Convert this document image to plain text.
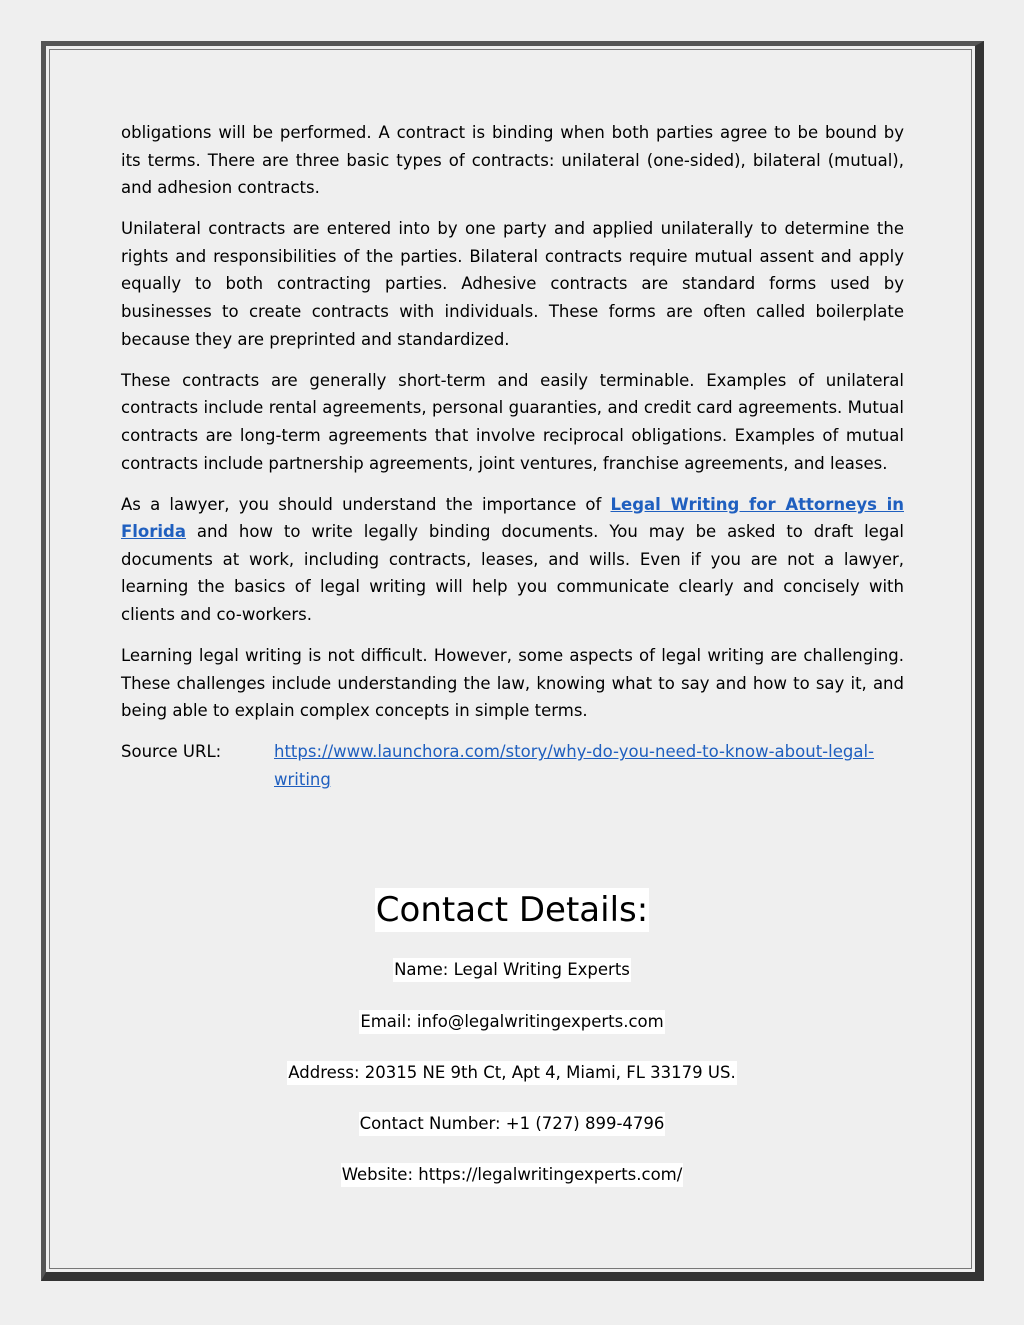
obligations will be performed. A contract is binding when both parties agree to be bound by its terms. There are three basic types of contracts: unilateral (one-sided), bilateral (mutual), and adhesion contracts.

Unilateral contracts are entered into by one party and applied unilaterally to determine the rights and responsibilities of the parties. Bilateral contracts require mutual assent and apply equally to both contracting parties. Adhesive contracts are standard forms used by businesses to create contracts with individuals. These forms are often called boilerplate because they are preprinted and standardized.

These contracts are generally short-term and easily terminable. Examples of unilateral contracts include rental agreements, personal guaranties, and credit card agreements. Mutual contracts are long-term agreements that involve reciprocal obligations. Examples of mutual contracts include partnership agreements, joint ventures, franchise agreements, and leases.

As a lawyer, you should understand the importance of Legal Writing for Attorneys in Florida and how to write legally binding documents. You may be asked to draft legal documents at work, including contracts, leases, and wills. Even if you are not a lawyer, learning the basics of legal writing will help you communicate clearly and concisely with clients and co-workers.

Learning legal writing is not difficult. However, some aspects of legal writing are challenging. These challenges include understanding the law, knowing what to say and how to say it, and being able to explain complex concepts in simple terms.

Source URL:	https://www.launchora.com/story/why-do-you-need-to-know-about-legal-
writing

Contact Details:
Name: Legal Writing Experts
Email: info@legalwritingexperts.com
Address: 20315 NE 9th Ct, Apt 4, Miami, FL 33179 US.
Contact Number: +1 (727) 899-4796
Website: https://legalwritingexperts.com/
